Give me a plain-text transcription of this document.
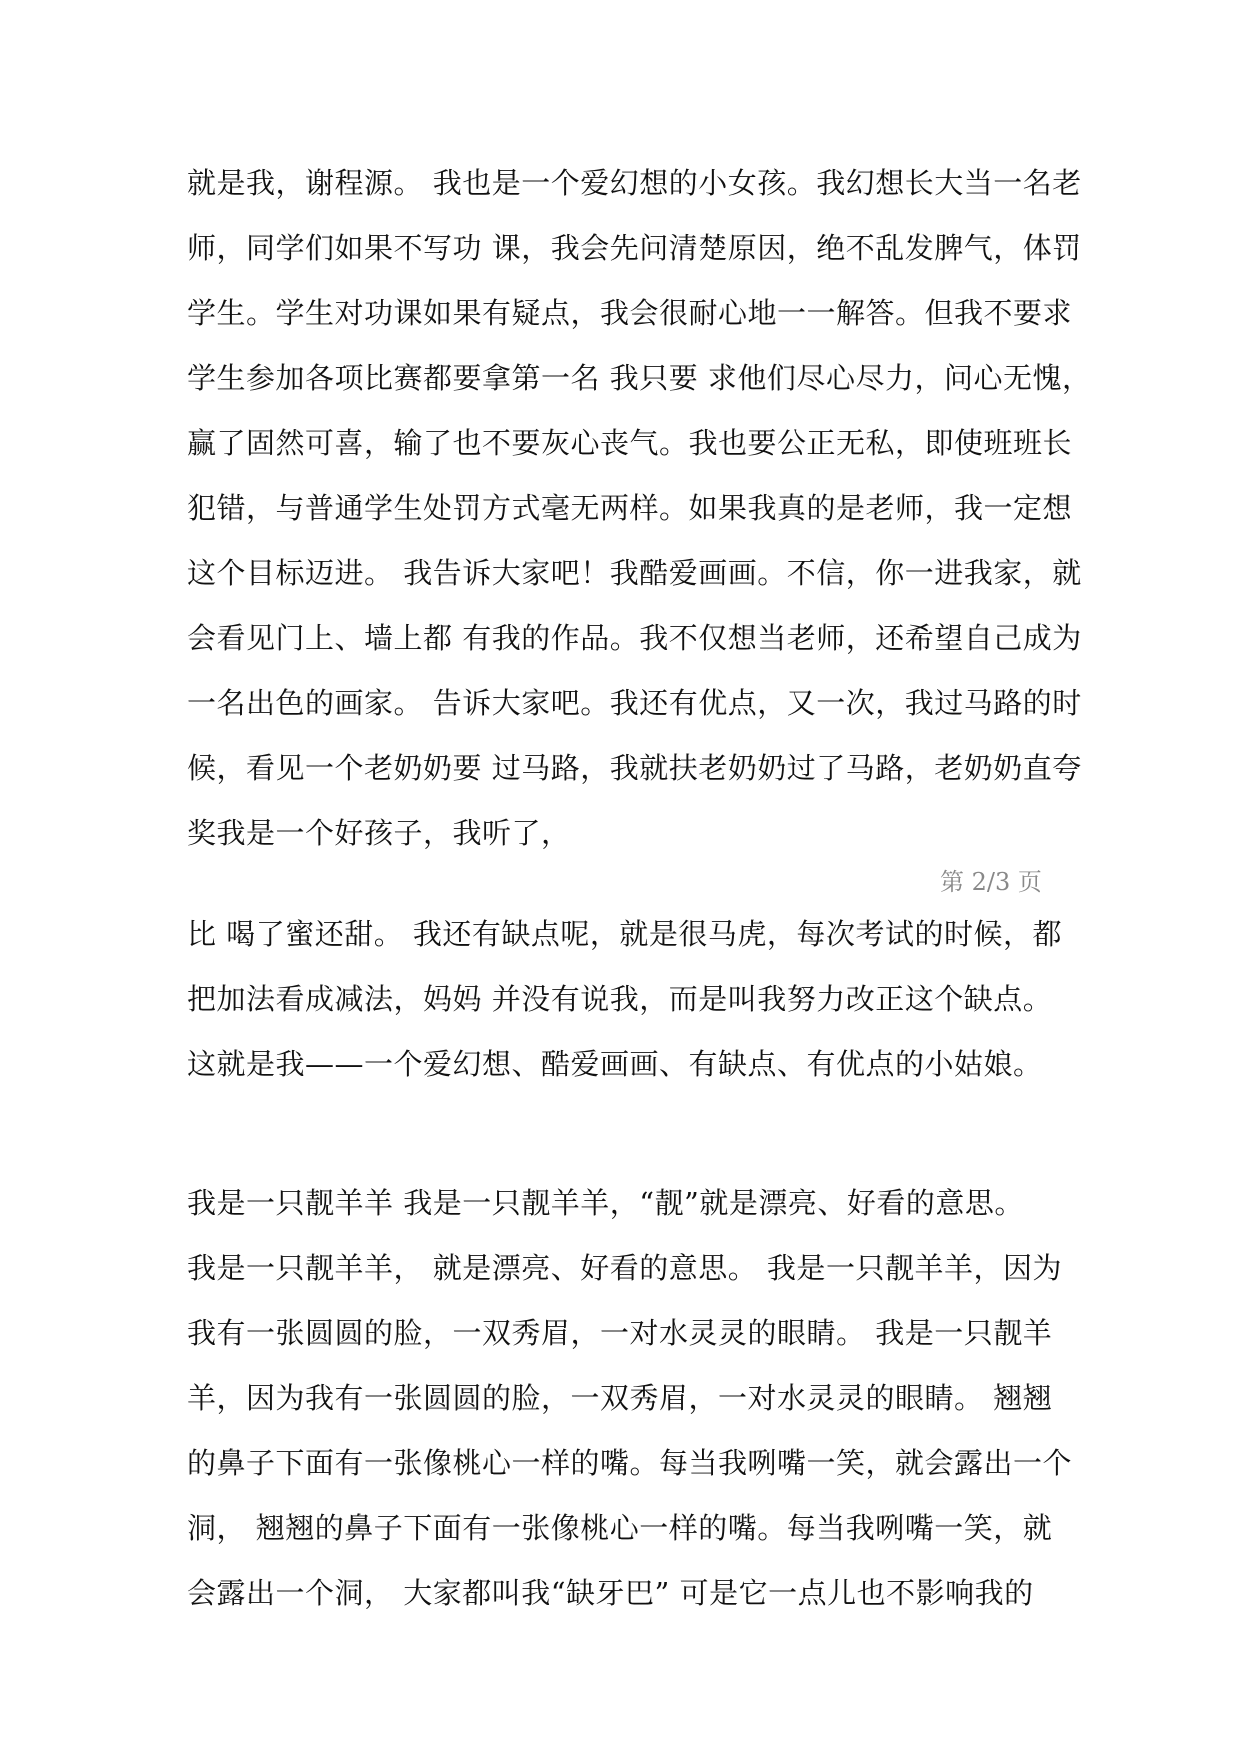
就是我，谢程源。 我也是一个爱幻想的小女孩。我幻想长大当一名老
师，同学们如果不写功 课，我会先问清楚原因，绝不乱发脾气，体罚
学生。学生对功课如果有疑点，我会很耐心地一一解答。但我不要求
学生参加各项比赛都要拿第一名 我只要 求他们尽心尽力，问心无愧，
赢了固然可喜，输了也不要灰心丧气。我也要公正无私，即使班班长
犯错，与普通学生处罚方式毫无两样。如果我真的是老师，我一定想
这个目标迈进。 我告诉大家吧！我酷爱画画。不信，你一进我家，就
会看见门上、墙上都 有我的作品。我不仅想当老师，还希望自己成为
一名出色的画家。 告诉大家吧。我还有优点，又一次，我过马路的时
候，看见一个老奶奶要 过马路，我就扶老奶奶过了马路，老奶奶直夸
奖我是一个好孩子，我听了，
第 2/3 页
比 喝了蜜还甜。 我还有缺点呢，就是很马虎，每次考试的时候，都
把加法看成减法，妈妈 并没有说我，而是叫我努力改正这个缺点。
这就是我——一个爱幻想、酷爱画画、有缺点、有优点的小姑娘。
我是一只靓羊羊 我是一只靓羊羊，“靓”就是漂亮、好看的意思。
我是一只靓羊羊， 就是漂亮、好看的意思。 我是一只靓羊羊，因为
我有一张圆圆的脸，一双秀眉，一对水灵灵的眼睛。 我是一只靓羊
羊，因为我有一张圆圆的脸，一双秀眉，一对水灵灵的眼睛。 翘翘
的鼻子下面有一张像桃心一样的嘴。每当我咧嘴一笑，就会露出一个
洞， 翘翘的鼻子下面有一张像桃心一样的嘴。每当我咧嘴一笑，就
会露出一个洞， 大家都叫我“缺牙巴” 可是它一点儿也不影响我的
